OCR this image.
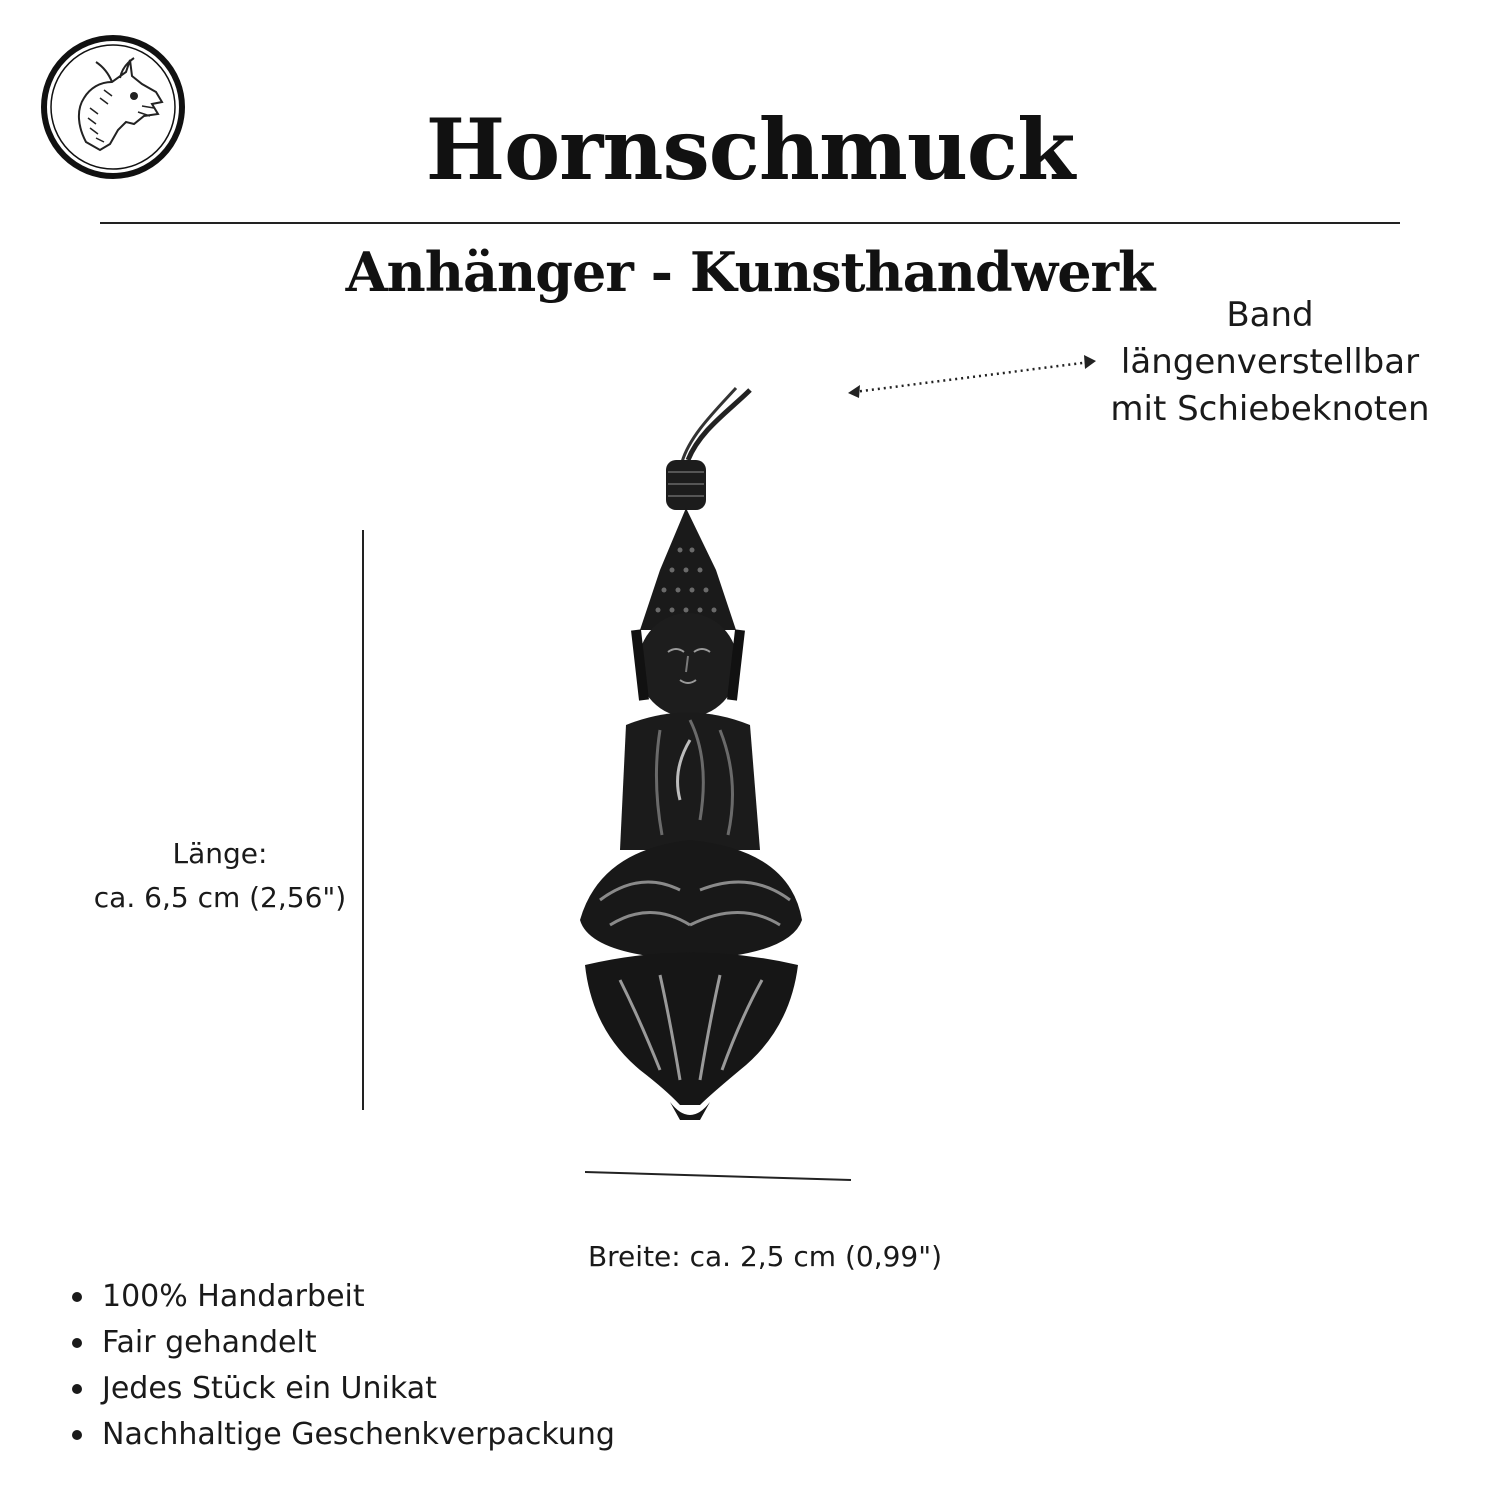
Hornschmuck
Anhänger - Kunsthandwerk
Band
längenverstellbar
mit Schiebeknoten
Länge:
ca. 6,5 cm (2,56")
Breite: ca. 2,5 cm (0,99")
100% Handarbeit
Fair gehandelt
Jedes Stück ein Unikat
Nachhaltige Geschenkverpackung
